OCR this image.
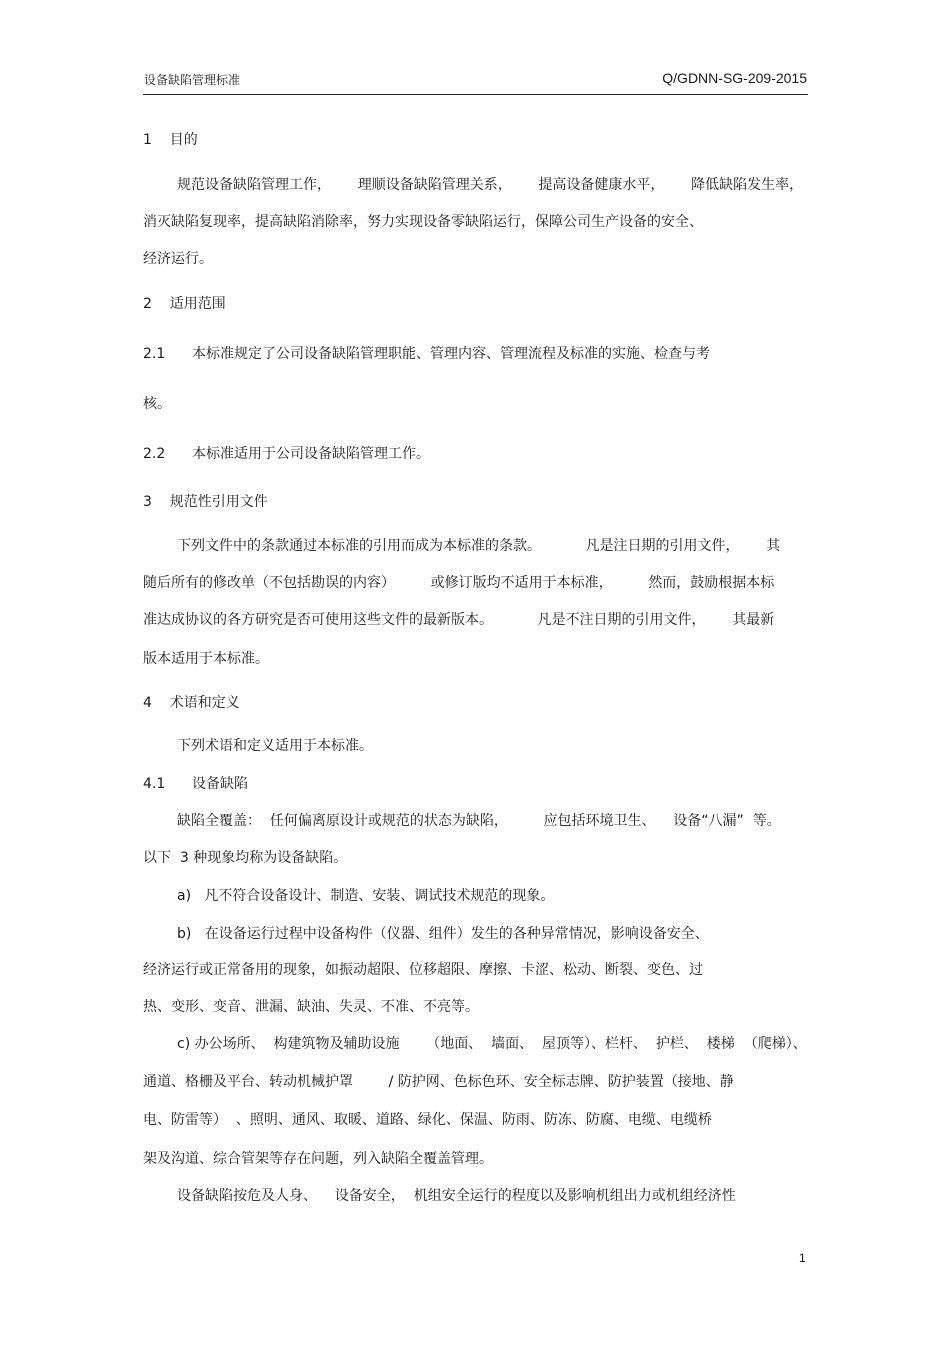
设备缺陷管理标准	Q/GDNN-SG-209-2015
1    目的
规范设备缺陷管理工作，      理顺设备缺陷管理关系，      提高设备健康水平，      降低缺陷发生率，
消灭缺陷复现率，提高缺陷消除率，努力实现设备零缺陷运行，保障公司生产设备的安全、
经济运行。
2    适用范围
2.1      本标准规定了公司设备缺陷管理职能、管理内容、管理流程及标准的实施、检查与考
核。
2.2      本标准适用于公司设备缺陷管理工作。
3    规范性引用文件
下列文件中的条款通过本标准的引用而成为本标准的条款。          凡是注日期的引用文件，      其
随后所有的修改单（不包括勘误的内容）        或修订版均不适用于本标准，        然而，鼓励根据本标
准达成协议的各方研究是否可使用这些文件的最新版本。          凡是不注日期的引用文件，      其最新
版本适用于本标准。
4    术语和定义
下列术语和定义适用于本标准。
4.1      设备缺陷
缺陷全覆盖：  任何偏离原设计或规范的状态为缺陷，        应包括环境卫生、    设备“八漏”  等。
以下  3 种现象均称为设备缺陷。
a)   凡不符合设备设计、制造、安装、调试技术规范的现象。
b)   在设备运行过程中设备构件（仪器、组件）发生的各种异常情况，影响设备安全、
经济运行或正常备用的现象，如振动超限、位移超限、摩擦、卡涩、松动、断裂、变色、过
热、变形、变音、泄漏、缺油、失灵、不准、不亮等。
c) 办公场所、  构建筑物及辅助设施      （地面、  墙面、  屋顶等）、栏杆、  护栏、  楼梯  （爬梯）、
通道、格栅及平台、转动机械护罩        / 防护网、色标色环、安全标志牌、防护装置（接地、静
电、防雷等）  、照明、通风、取暖、道路、绿化、保温、防雨、防冻、防腐、电缆、电缆桥
架及沟道、综合管架等存在问题，列入缺陷全覆盖管理。
设备缺陷按危及人身、    设备安全，  机组安全运行的程度以及影响机组出力或机组经济性
1
